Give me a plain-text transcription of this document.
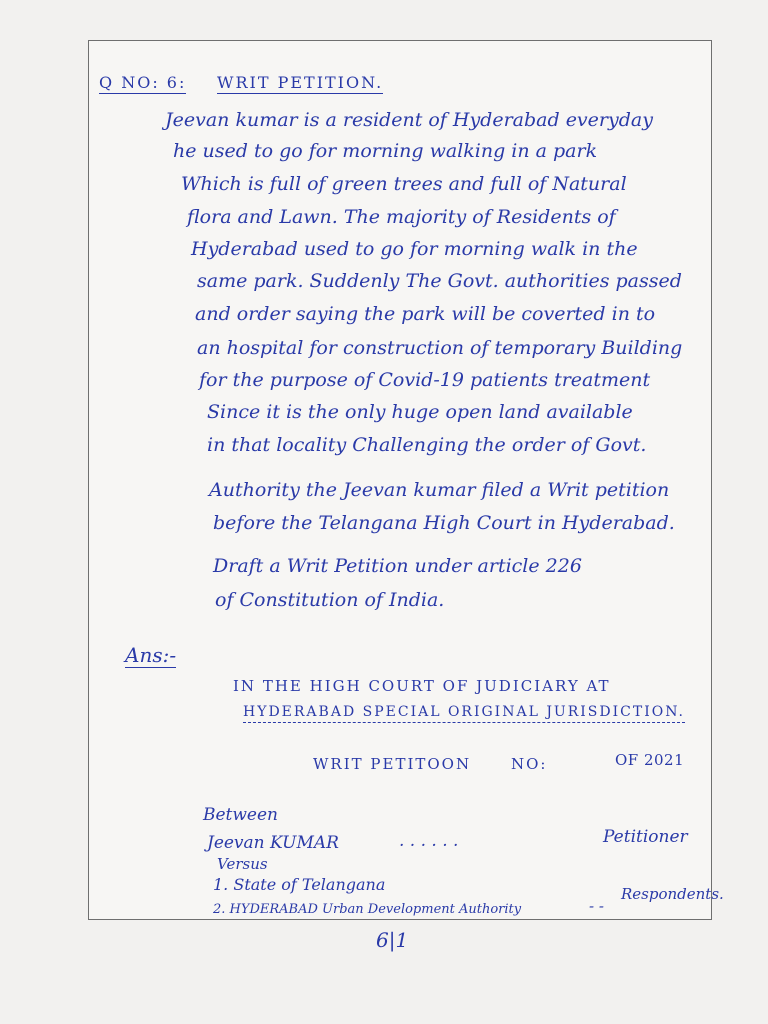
Q NO: 6: WRIT PETITION.
Jeevan kumar is a resident of Hyderabad everyday
he used to go for morning walking in a park
Which is full of green trees and full of Natural
flora and Lawn. The majority of Residents of
Hyderabad used to go for morning walk in the
same park. Suddenly The Govt. authorities passed
and order saying the park will be coverted in to
an hospital for construction of temporary Building
for the purpose of Covid-19 patients treatment
Since it is the only huge open land available
in that locality Challenging the order of Govt.
Authority the Jeevan kumar filed a Writ petition
before the Telangana High Court in Hyderabad.
Draft a Writ Petition under article 226
of Constitution of India.
Ans:-
IN THE HIGH COURT OF JUDICIARY AT
HYDERABAD SPECIAL ORIGINAL JURISDICTION.
WRIT PETITOON	NO:	OF 2021
Between
Jeevan KUMAR	. . . . . .	Petitioner
Versus
1. State of Telangana
2. HYDERABAD Urban Development Authority	- -
Respondents.
6|1
